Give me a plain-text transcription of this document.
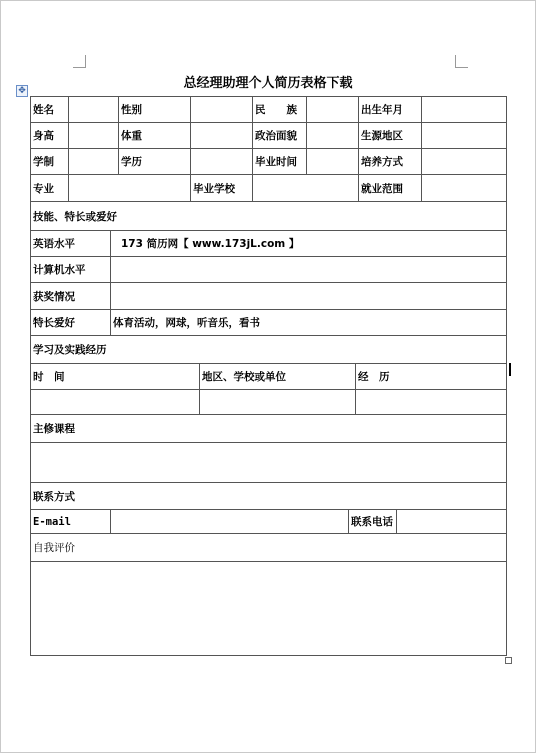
总经理助理个人简历表格下载
✥
姓名	性别	民　　族	出生年月
身高	体重	政治面貌	生源地区
学制	学历	毕业时间	培养方式
专业	毕业学校	就业范围
技能、特长或爱好
英语水平	173 简历网【 www.173jL.com 】
计算机水平
获奖情况
特长爱好	体育活动，网球，听音乐，看书
学习及实践经历
时　间	地区、学校或单位	经　历
主修课程
联系方式
E-mail	联系电话
自我评价
